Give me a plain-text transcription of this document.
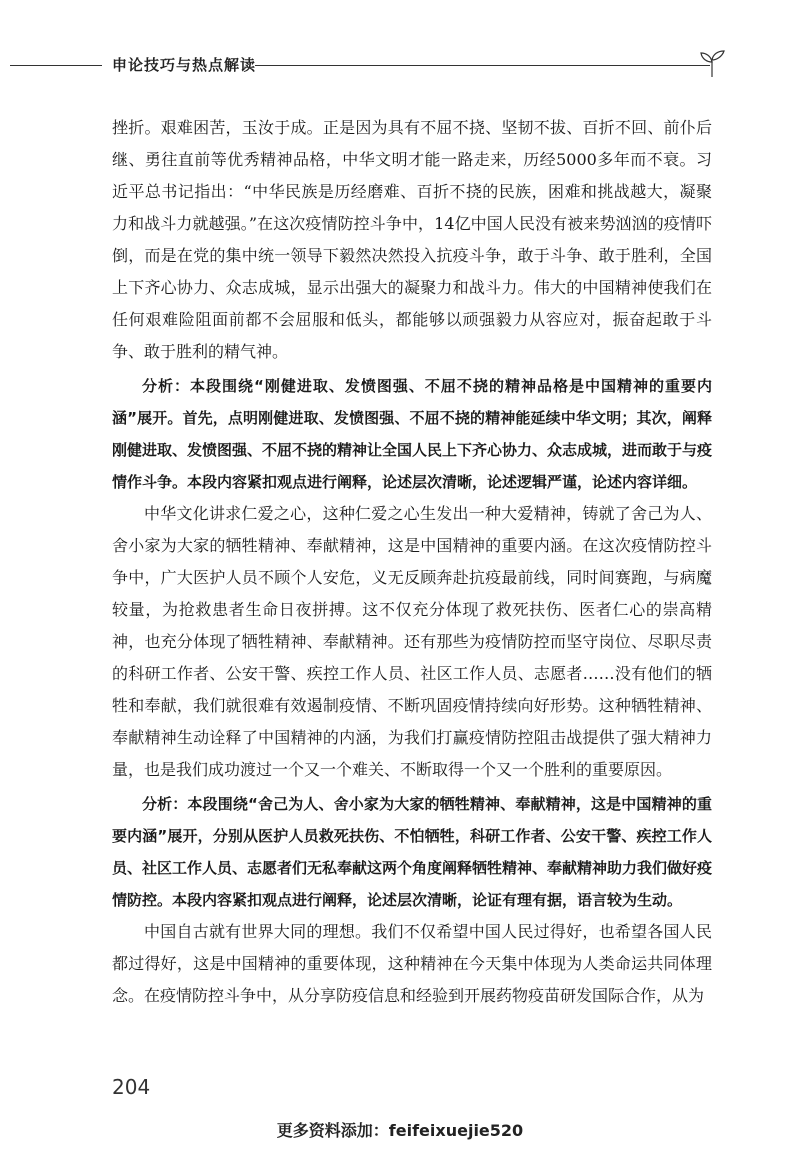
申论技巧与热点解读

挫折。艰难困苦，玉汝于成。正是因为具有不屈不挠、坚韧不拔、百折不回、前仆后继、勇往直前等优秀精神品格，中华文明才能一路走来，历经5000多年而不衰。习近平总书记指出：“中华民族是历经磨难、百折不挠的民族，困难和挑战越大，凝聚力和战斗力就越强。”在这次疫情防控斗争中，14亿中国人民没有被来势汹汹的疫情吓倒，而是在党的集中统一领导下毅然决然投入抗疫斗争，敢于斗争、敢于胜利，全国上下齐心协力、众志成城，显示出强大的凝聚力和战斗力。伟大的中国精神使我们在任何艰难险阻面前都不会屈服和低头，都能够以顽强毅力从容应对，振奋起敢于斗争、敢于胜利的精气神。

分析：本段围绕“刚健进取、发愤图强、不屈不挠的精神品格是中国精神的重要内涵”展开。首先，点明刚健进取、发愤图强、不屈不挠的精神能延续中华文明；其次，阐释刚健进取、发愤图强、不屈不挠的精神让全国人民上下齐心协力、众志成城，进而敢于与疫情作斗争。本段内容紧扣观点进行阐释，论述层次清晰，论述逻辑严谨，论述内容详细。

中华文化讲求仁爱之心，这种仁爱之心生发出一种大爱精神，铸就了舍己为人、舍小家为大家的牺牲精神、奉献精神，这是中国精神的重要内涵。在这次疫情防控斗争中，广大医护人员不顾个人安危，义无反顾奔赴抗疫最前线，同时间赛跑，与病魔较量，为抢救患者生命日夜拼搏。这不仅充分体现了救死扶伤、医者仁心的崇高精神，也充分体现了牺牲精神、奉献精神。还有那些为疫情防控而坚守岗位、尽职尽责的科研工作者、公安干警、疾控工作人员、社区工作人员、志愿者……没有他们的牺牲和奉献，我们就很难有效遏制疫情、不断巩固疫情持续向好形势。这种牺牲精神、奉献精神生动诠释了中国精神的内涵，为我们打赢疫情防控阻击战提供了强大精神力量，也是我们成功渡过一个又一个难关、不断取得一个又一个胜利的重要原因。

分析：本段围绕“舍己为人、舍小家为大家的牺牲精神、奉献精神，这是中国精神的重要内涵”展开，分别从医护人员救死扶伤、不怕牺牲，科研工作者、公安干警、疾控工作人员、社区工作人员、志愿者们无私奉献这两个角度阐释牺牲精神、奉献精神助力我们做好疫情防控。本段内容紧扣观点进行阐释，论述层次清晰，论证有理有据，语言较为生动。

中国自古就有世界大同的理想。我们不仅希望中国人民过得好，也希望各国人民都过得好，这是中国精神的重要体现，这种精神在今天集中体现为人类命运共同体理念。在疫情防控斗争中，从分享防疫信息和经验到开展药物疫苗研发国际合作，从为

204
更多资料添加：feifeixuejie520
